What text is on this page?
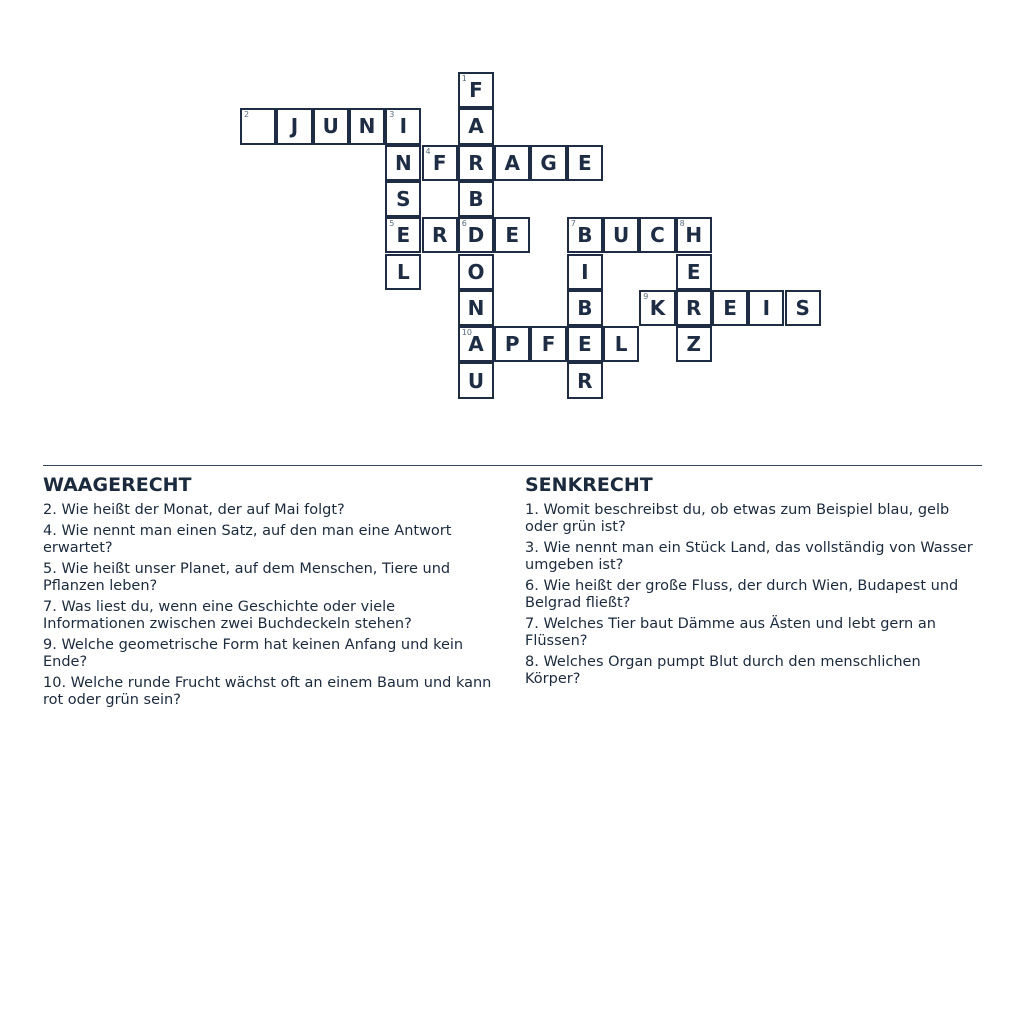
1 F
2 J U N 3 I	A
N 4 F R A G E
S	B
5 E R 6 D E	7 B U C 8 H
L	O	I	E
N	B	9 K R E I S
10
A P F E L	Z
U	R
WAAGERECHT
2. Wie heißt der Monat, der auf Mai folgt?
4. Wie nennt man einen Satz, auf den man eine Antwort erwartet?
5. Wie heißt unser Planet, auf dem Menschen, Tiere und Pflanzen leben?
7. Was liest du, wenn eine Geschichte oder viele Informationen zwischen zwei Buchdeckeln stehen?
9. Welche geometrische Form hat keinen Anfang und kein Ende?
10. Welche runde Frucht wächst oft an einem Baum und kann rot oder grün sein?
SENKRECHT
1. Womit beschreibst du, ob etwas zum Beispiel blau, gelb oder grün ist?
3. Wie nennt man ein Stück Land, das vollständig von Wasser umgeben ist?
6. Wie heißt der große Fluss, der durch Wien, Budapest und Belgrad fließt?
7. Welches Tier baut Dämme aus Ästen und lebt gern an Flüssen?
8. Welches Organ pumpt Blut durch den menschlichen Körper?
